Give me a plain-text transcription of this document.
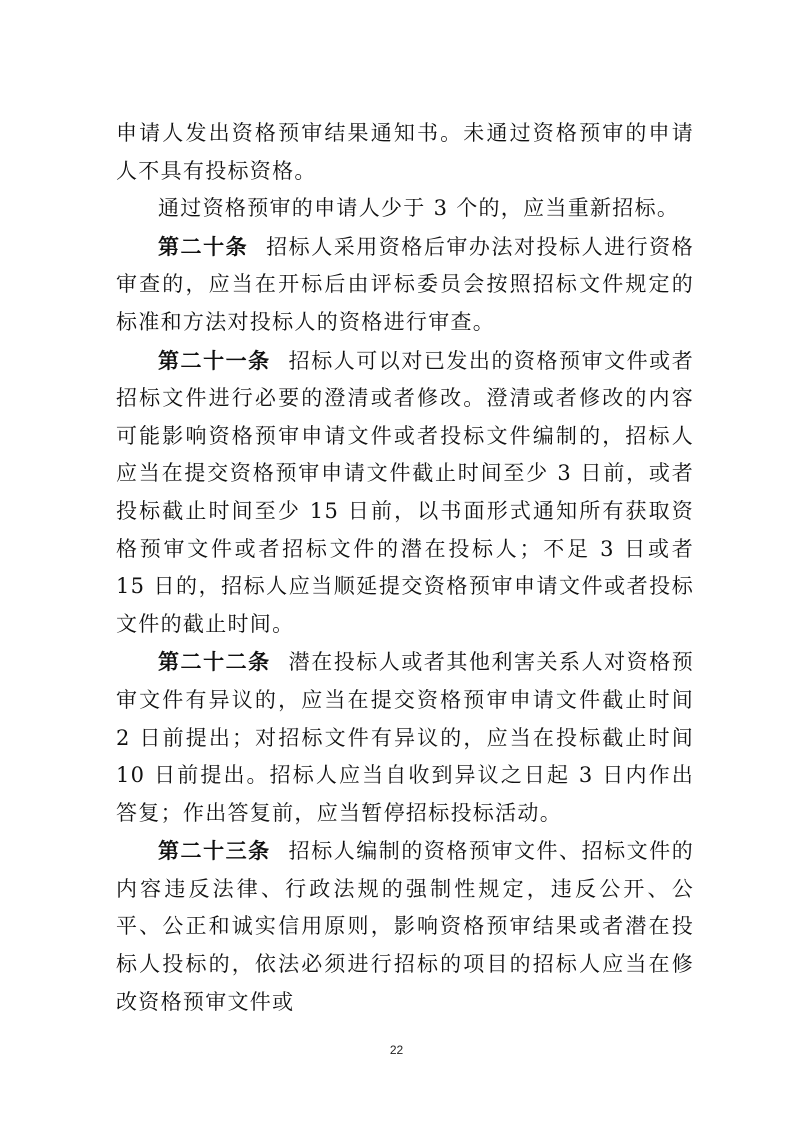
申请人发出资格预审结果通知书。未通过资格预审的申请人不具有投标资格。

通过资格预审的申请人少于 3 个的，应当重新招标。

第二十条 招标人采用资格后审办法对投标人进行资格审查的，应当在开标后由评标委员会按照招标文件规定的标准和方法对投标人的资格进行审查。

第二十一条 招标人可以对已发出的资格预审文件或者招标文件进行必要的澄清或者修改。澄清或者修改的内容可能影响资格预审申请文件或者投标文件编制的，招标人应当在提交资格预审申请文件截止时间至少 3 日前，或者投标截止时间至少 15 日前，以书面形式通知所有获取资格预审文件或者招标文件的潜在投标人；不足 3 日或者 15 日的，招标人应当顺延提交资格预审申请文件或者投标文件的截止时间。

第二十二条 潜在投标人或者其他利害关系人对资格预审文件有异议的，应当在提交资格预审申请文件截止时间 2 日前提出；对招标文件有异议的，应当在投标截止时间 10 日前提出。招标人应当自收到异议之日起 3 日内作出答复；作出答复前，应当暂停招标投标活动。

第二十三条 招标人编制的资格预审文件、招标文件的内容违反法律、行政法规的强制性规定，违反公开、公平、公正和诚实信用原则，影响资格预审结果或者潜在投标人投标的，依法必须进行招标的项目的招标人应当在修改资格预审文件或

22
